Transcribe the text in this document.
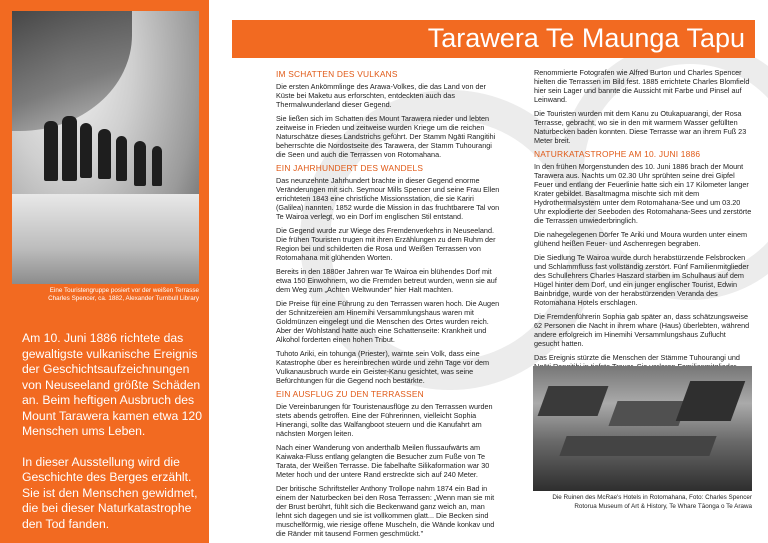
Eine Touristengruppe posiert vor der weißen Terrasse
Charles Spencer, ca. 1882, Alexander Turnbull Library

Am 10. Juni 1886 richtete das gewaltigste vulkanische Ereignis der Geschichtsaufzeichnungen von Neuseeland größte Schäden an. Beim heftigen Ausbruch des Mount Tarawera kamen etwa 120 Menschen ums Leben.

In dieser Ausstellung wird die Geschichte des Berges erzählt. Sie ist den Menschen gewidmet, die bei dieser Naturkatastrophe den Tod fanden.

Tarawera Te Maunga Tapu
IM SCHATTEN DES VULKANS

Die ersten Ankömmlinge des Arawa-Volkes, die das Land von der Küste bei Maketu aus erforschten, entdeckten auch das Thermalwunderland dieser Gegend.

Sie ließen sich im Schatten des Mount Tarawera nieder und lebten zeitweise in Frieden und zeitweise wurden Kriege um die reichen Naturschätze dieses Landstrichs geführt. Der Stamm Ngāti Rangitihi beherrschte die Nordostseite des Tarawera, der Stamm Tuhourangi die Seen und auch die Terrassen von Rotomahana.

EIN JAHRHUNDERT DES WANDELS

Das neunzehnte Jahrhundert brachte in dieser Gegend enorme Veränderungen mit sich. Seymour Mills Spencer und seine Frau Ellen errichteten 1843 eine christliche Missionsstation, die sie Kariri (Galilea) nannten. 1852 wurde die Mission in das fruchtbarere Tal von Te Wairoa verlegt, wo ein Dorf im englischen Stil entstand.

Die Gegend wurde zur Wiege des Fremdenverkehrs in Neuseeland. Die frühen Touristen trugen mit ihren Erzählungen zu dem Ruhm der Region bei und schilderten die Rosa und Weißen Terrassen von Rotomahana mit glühenden Worten.

Bereits in den 1880er Jahren war Te Wairoa ein blühendes Dorf mit etwa 150 Einwohnern, wo die Fremden betreut wurden, wenn sie auf dem Weg zum „Achten Weltwunder" hier Halt machten.

Die Preise für eine Führung zu den Terrassen waren hoch. Die Augen der Schnitzereien am Hinemihi Versammlungshaus waren mit Goldmünzen eingelegt und die Menschen des Ortes wurden reich. Aber der Wohlstand hatte auch eine Schattenseite: Krankheit und Alkohol forderten einen hohen Tribut.

Tuhoto Ariki, ein tohunga (Priester), warnte sein Volk, dass eine Katastrophe über es hereinbrechen würde und zehn Tage vor dem Vulkanausbruch wurde ein Geister-Kanu gesichtet, was seine Befürchtungen für die Gegend noch bestärkte.

EIN AUSFLUG ZU DEN TERRASSEN

Die Vereinbarungen für Touristenausflüge zu den Terrassen wurden stets abends getroffen. Eine der Führerinnen, vielleicht Sophia Hinerangi, sollte das Walfangboot steuern und die Kanufahrt am nächsten Morgen leiten.

Nach einer Wanderung von anderthalb Meilen flussaufwärts am Kaiwaka-Fluss entlang gelangten die Besucher zum Fuße von Te Tarata, der Weißen Terrasse. Die fabelhafte Silikaformation war 30 Meter hoch und der untere Rand erstreckte sich auf 240 Meter.

Der britische Schriftsteller Anthony Trollope nahm 1874 ein Bad in einem der Naturbecken bei den Rosa Terrassen: „Wenn man sie mit der Brust berührt, fühlt sich die Beckenwand ganz weich an, man lehnt sich dagegen und sie ist vollkommen glatt... Die Becken sind muschelförmig, wie riesige offene Muscheln, die Wände konkav und die Ränder mit tausend Formen geschmückt."

Renommierte Fotografen wie Alfred Burton und Charles Spencer hielten die Terrassen im Bild fest. 1885 errichtete Charles Blomfield hier sein Lager und bannte die Aussicht mit Farbe und Pinsel auf Leinwand.

Die Touristen wurden mit dem Kanu zu Otukapuarangi, der Rosa Terrasse, gebracht, wo sie in den mit warmem Wasser gefüllten Naturbecken baden konnten. Diese Terrasse war an ihrem Fuß 23 Meter breit.

NATURKATASTROPHE AM 10. JUNI 1886

In den frühen Morgenstunden des 10. Juni 1886 brach der Mount Tarawera aus. Nachts um 02.30 Uhr sprühten seine drei Gipfel Feuer und entlang der Feuerlinie hatte sich ein 17 Kilometer langer Krater gebildet. Basaltmagma mischte sich mit dem Hydrothermalsystem unter dem Rotomahana-See und um 03.20 Uhr explodierte der Seeboden des Rotomahana-Sees und zerstörte die Terrassen unwiederbringlich.

Die nahegelegenen Dörfer Te Ariki und Moura wurden unter einem glühend heißen Feuer- und Aschenregen begraben.

Die Siedlung Te Wairoa wurde durch herabstürzende Felsbrocken und Schlammfluss fast vollständig zerstört. Fünf Familienmitglieder des Schullehrers Charles Haszard starben im Schulhaus auf dem Hügel hinter dem Dorf, und ein junger englischer Tourist, Edwin Bainbridge, wurde von der herabstürzenden Veranda des Rotomahana Hotels erschlagen.

Die Fremdenführerin Sophia gab später an, dass schätzungsweise 62 Personen die Nacht in ihrem whare (Haus) überlebten, während andere erfolgreich im Hinemihi Versammlungshaus Zuflucht gesucht hatten.

Das Ereignis stürzte die Menschen der Stämme Tuhourangi und

Die Ruinen des McRae's Hotels in Rotomahana, Foto: Charles Spencer
Rotorua Museum of Art & History, Te Whare Tāonga o Te Arawa
